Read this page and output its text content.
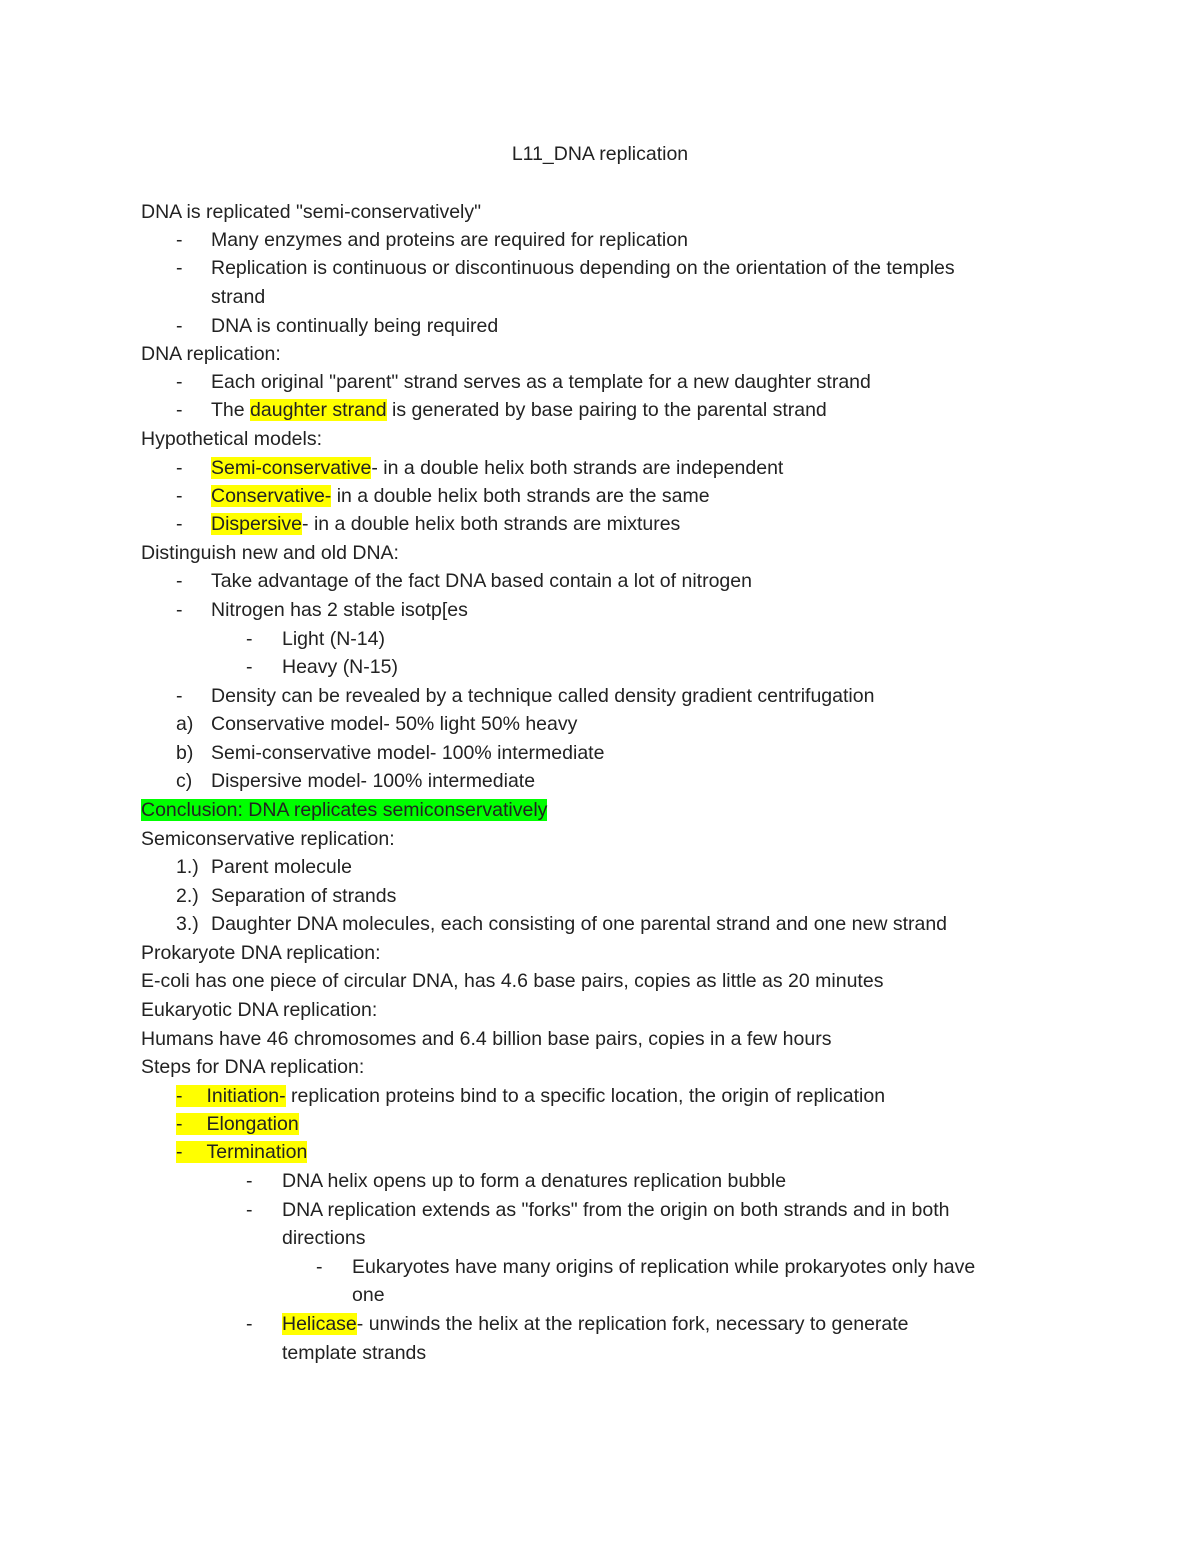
L11_DNA replication
DNA is replicated "semi-conservatively"
- Many enzymes and proteins are required for replication
- Replication is continuous or discontinuous depending on the orientation of the temples
strand
- DNA is continually being required
DNA replication:
- Each original "parent" strand serves as a template for a new daughter strand
- The daughter strand is generated by base pairing to the parental strand
Hypothetical models:
- Semi-conservative- in a double helix both strands are independent
- Conservative- in a double helix both strands are the same
- Dispersive- in a double helix both strands are mixtures
Distinguish new and old DNA:
- Take advantage of the fact DNA based contain a lot of nitrogen
- Nitrogen has 2 stable isotp[es
- Light (N-14)
- Heavy (N-15)
- Density can be revealed by a technique called density gradient centrifugation
a) Conservative model- 50% light 50% heavy
b) Semi-conservative model- 100% intermediate
c) Dispersive model- 100% intermediate
Conclusion: DNA replicates semiconservatively
Semiconservative replication:
1.) Parent molecule
2.) Separation of strands
3.) Daughter DNA molecules, each consisting of one parental strand and one new strand
Prokaryote DNA replication:
E-coli has one piece of circular DNA, has 4.6 base pairs, copies as little as 20 minutes
Eukaryotic DNA replication:
Humans have 46 chromosomes and 6.4 billion base pairs, copies in a few hours
Steps for DNA replication:
- Initiation- replication proteins bind to a specific location, the origin of replication
- Elongation
- Termination
- DNA helix opens up to form a denatures replication bubble
- DNA replication extends as "forks" from the origin on both strands and in both
directions
- Eukaryotes have many origins of replication while prokaryotes only have
one
- Helicase- unwinds the helix at the replication fork, necessary to generate
template strands
